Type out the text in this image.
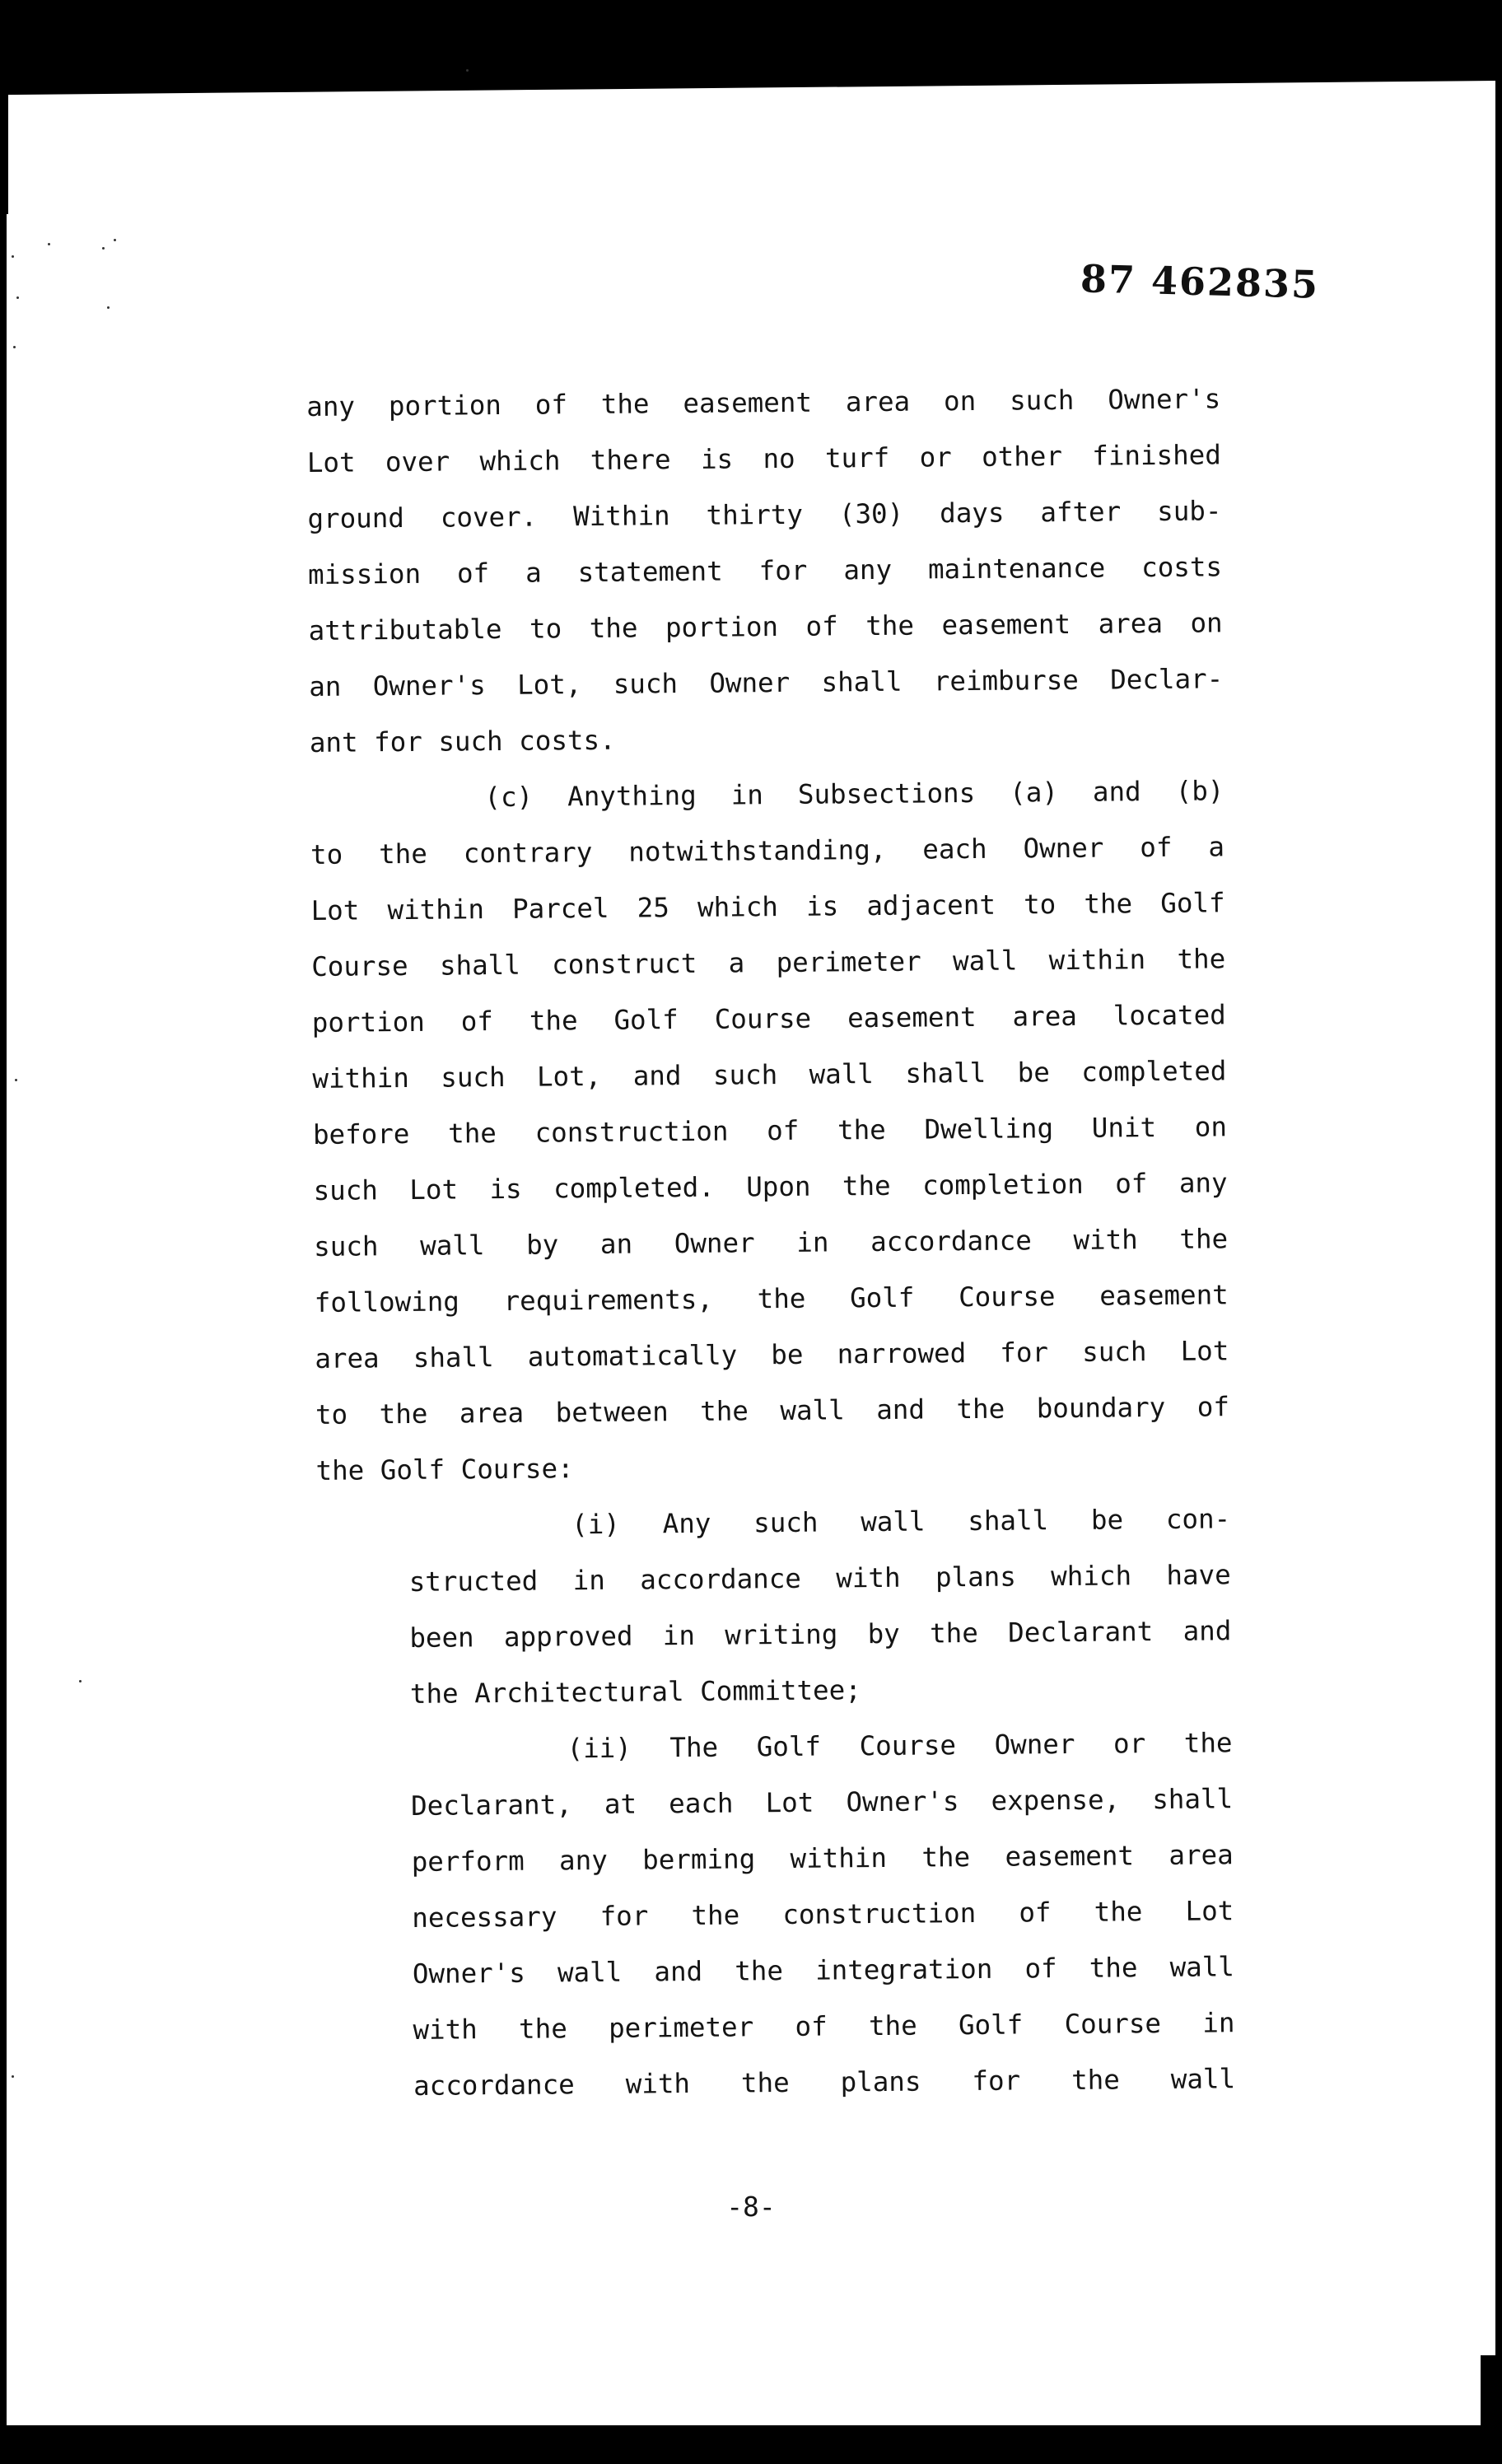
87 462835
any portion of the easement area on such Owner's
Lot over which there is no turf or other finished
ground cover. Within thirty (30) days after sub-
mission of a statement for any maintenance costs
attributable to the portion of the easement area on
an Owner's Lot, such Owner shall reimburse Declar-
ant for such costs.
(c) Anything in Subsections (a) and (b)
to the contrary notwithstanding, each Owner of a
Lot within Parcel 25 which is adjacent to the Golf
Course shall construct a perimeter wall within the
portion of the Golf Course easement area located
within such Lot, and such wall shall be completed
before the construction of the Dwelling Unit on
such Lot is completed. Upon the completion of any
such wall by an Owner in accordance with the
following requirements, the Golf Course easement
area shall automatically be narrowed for such Lot
to the area between the wall and the boundary of
the Golf Course:
(i) Any such wall shall be con-
structed in accordance with plans which have
been approved in writing by the Declarant and
the Architectural Committee;
(ii) The Golf Course Owner or the
Declarant, at each Lot Owner's expense, shall
perform any berming within the easement area
necessary for the construction of the Lot
Owner's wall and the integration of the wall
with the perimeter of the Golf Course in
accordance with the plans for the wall
-8-
